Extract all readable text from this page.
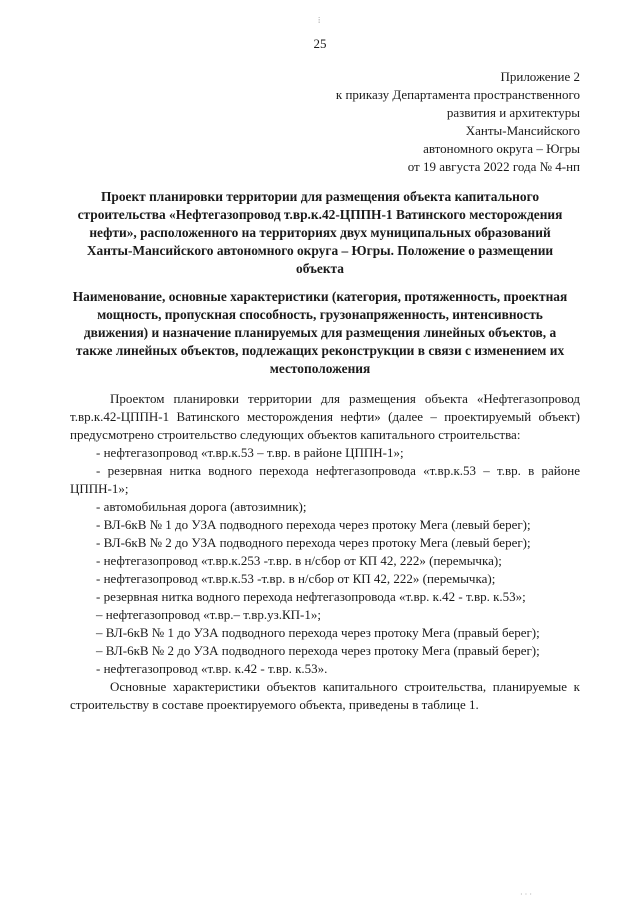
⁞
25
Приложение 2
к приказу Департамента пространственного
развития и архитектуры
Ханты-Мансийского
автономного округа – Югры
от 19 августа 2022 года № 4-нп
Проект планировки территории для размещения объекта капитального строительства «Нефтегазопровод т.вр.к.42-ЦППН-1 Ватинского месторождения нефти», расположенного на территориях двух муниципальных образований Ханты-Мансийского автономного округа – Югры. Положение о размещении объекта
Наименование, основные характеристики (категория, протяженность, проектная мощность, пропускная способность, грузонапряженность, интенсивность движения) и назначение планируемых для размещения линейных объектов, а также линейных объектов, подлежащих реконструкции в связи с изменением их местоположения

Проектом планировки территории для размещения объекта «Нефтегазопровод т.вр.к.42-ЦППН-1 Ватинского месторождения нефти» (далее – проектируемый объект) предусмотрено строительство следующих объектов капитального строительства:

- нефтегазопровод «т.вр.к.53 – т.вр. в районе ЦППН-1»;

- резервная нитка водного перехода нефтегазопровода «т.вр.к.53 – т.вр. в районе ЦППН-1»;

- автомобильная дорога (автозимник);

- ВЛ-6кВ № 1 до УЗА подводного перехода через протоку Мега (левый берег);

- ВЛ-6кВ № 2 до УЗА подводного перехода через протоку Мега (левый берег);

- нефтегазопровод «т.вр.к.253 -т.вр. в н/сбор от КП 42, 222» (перемычка);

- нефтегазопровод «т.вр.к.53 -т.вр. в н/сбор от КП 42, 222» (перемычка);

- резервная нитка водного перехода нефтегазопровода «т.вр. к.42 - т.вр. к.53»;

– нефтегазопровод «т.вр.– т.вр.уз.КП-1»;

– ВЛ-6кВ № 1 до УЗА подводного перехода через протоку Мега (правый берег);

– ВЛ-6кВ № 2 до УЗА подводного перехода через протоку Мега (правый берег);

- нефтегазопровод «т.вр. к.42 - т.вр. к.53».

Основные характеристики объектов капитального строительства, планируемые к строительству в составе проектируемого объекта, приведены в таблице 1.

· · ·
